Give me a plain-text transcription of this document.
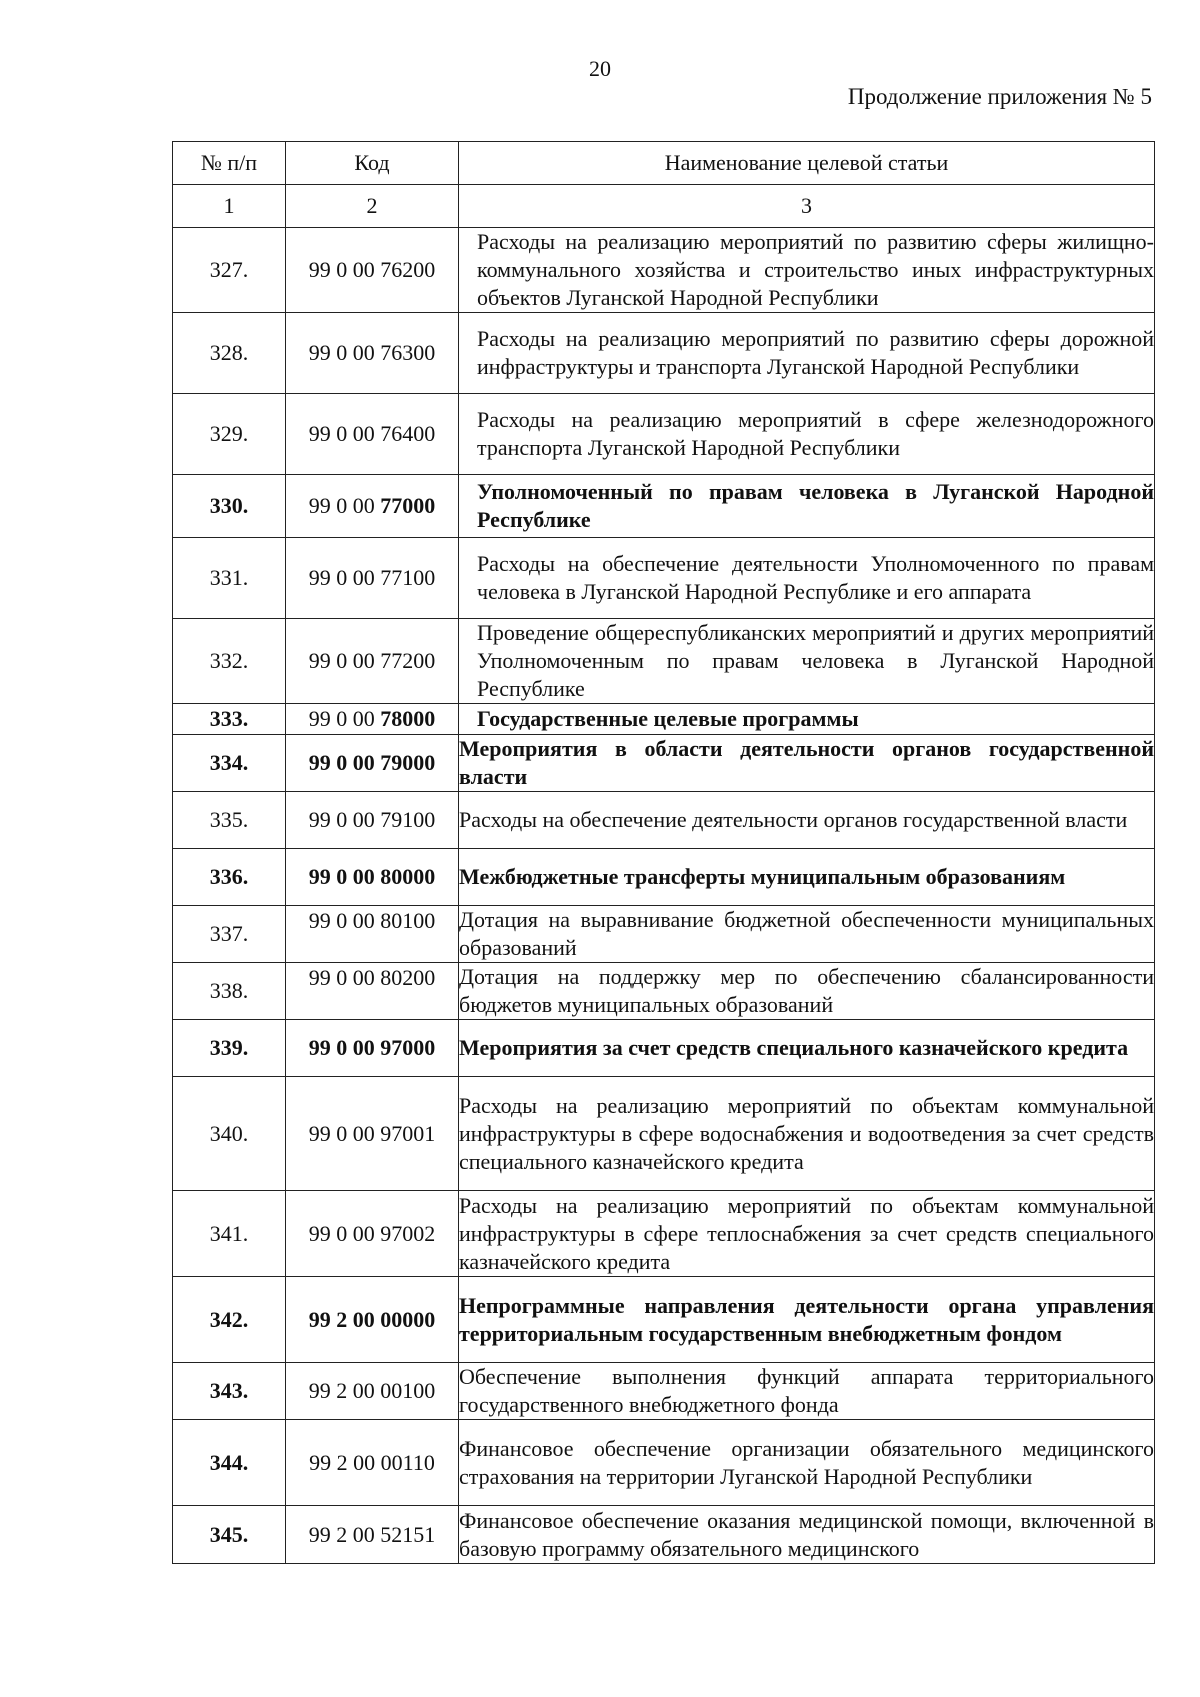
20
Продолжение приложения № 5
№ п/п	Код	Наименование целевой статьи
1	2	3
327.	99 0 00 76200	Расходы на реализацию мероприятий по развитию сферы жилищно-коммунального хозяйства и строительство иных инфраструктурных объектов Луганской Народной Республики
328.	99 0 00 76300	Расходы на реализацию мероприятий по развитию сферы дорожной инфраструктуры и транспорта Луганской Народной Республики
329.	99 0 00 76400	Расходы на реализацию мероприятий в сфере железнодорожного транспорта Луганской Народной Республики
330.	99 0 00 77000	Уполномоченный по правам человека в Луганской Народной Республике
331.	99 0 00 77100	Расходы на обеспечение деятельности Уполномоченного по правам человека в Луганской Народной Республике и его аппарата
332.	99 0 00 77200	Проведение общереспубликанских мероприятий и других мероприятий Уполномоченным по правам человека в Луганской Народной Республике
333.	99 0 00 78000	Государственные целевые программы
334.	99 0 00 79000	Мероприятия в области деятельности органов государственной власти
335.	99 0 00 79100	Расходы на обеспечение деятельности органов государственной власти
336.	99 0 00 80000	Межбюджетные трансферты муниципальным образованиям
337.	99 0 00 80100	Дотация на выравнивание бюджетной обеспеченности муниципальных образований
338.	99 0 00 80200	Дотация на поддержку мер по обеспечению сбалансированности бюджетов муниципальных образований
339.	99 0 00 97000	Мероприятия за счет средств специального казначейского кредита
340.	99 0 00 97001	Расходы на реализацию мероприятий по объектам коммунальной инфраструктуры в сфере водоснабжения и водоотведения за счет средств специального казначейского кредита
341.	99 0 00 97002	Расходы на реализацию мероприятий по объектам коммунальной инфраструктуры в сфере теплоснабжения за счет средств специального казначейского кредита
342.	99 2 00 00000	Непрограммные направления деятельности органа управления территориальным государственным внебюджетным фондом
343.	99 2 00 00100	Обеспечение выполнения функций аппарата территориального государственного внебюджетного фонда
344.	99 2 00 00110	Финансовое обеспечение организации обязательного медицинского страхования на территории Луганской Народной Республики
345.	99 2 00 52151	Финансовое обеспечение оказания медицинской помощи, включенной в базовую программу обязательного медицинского
